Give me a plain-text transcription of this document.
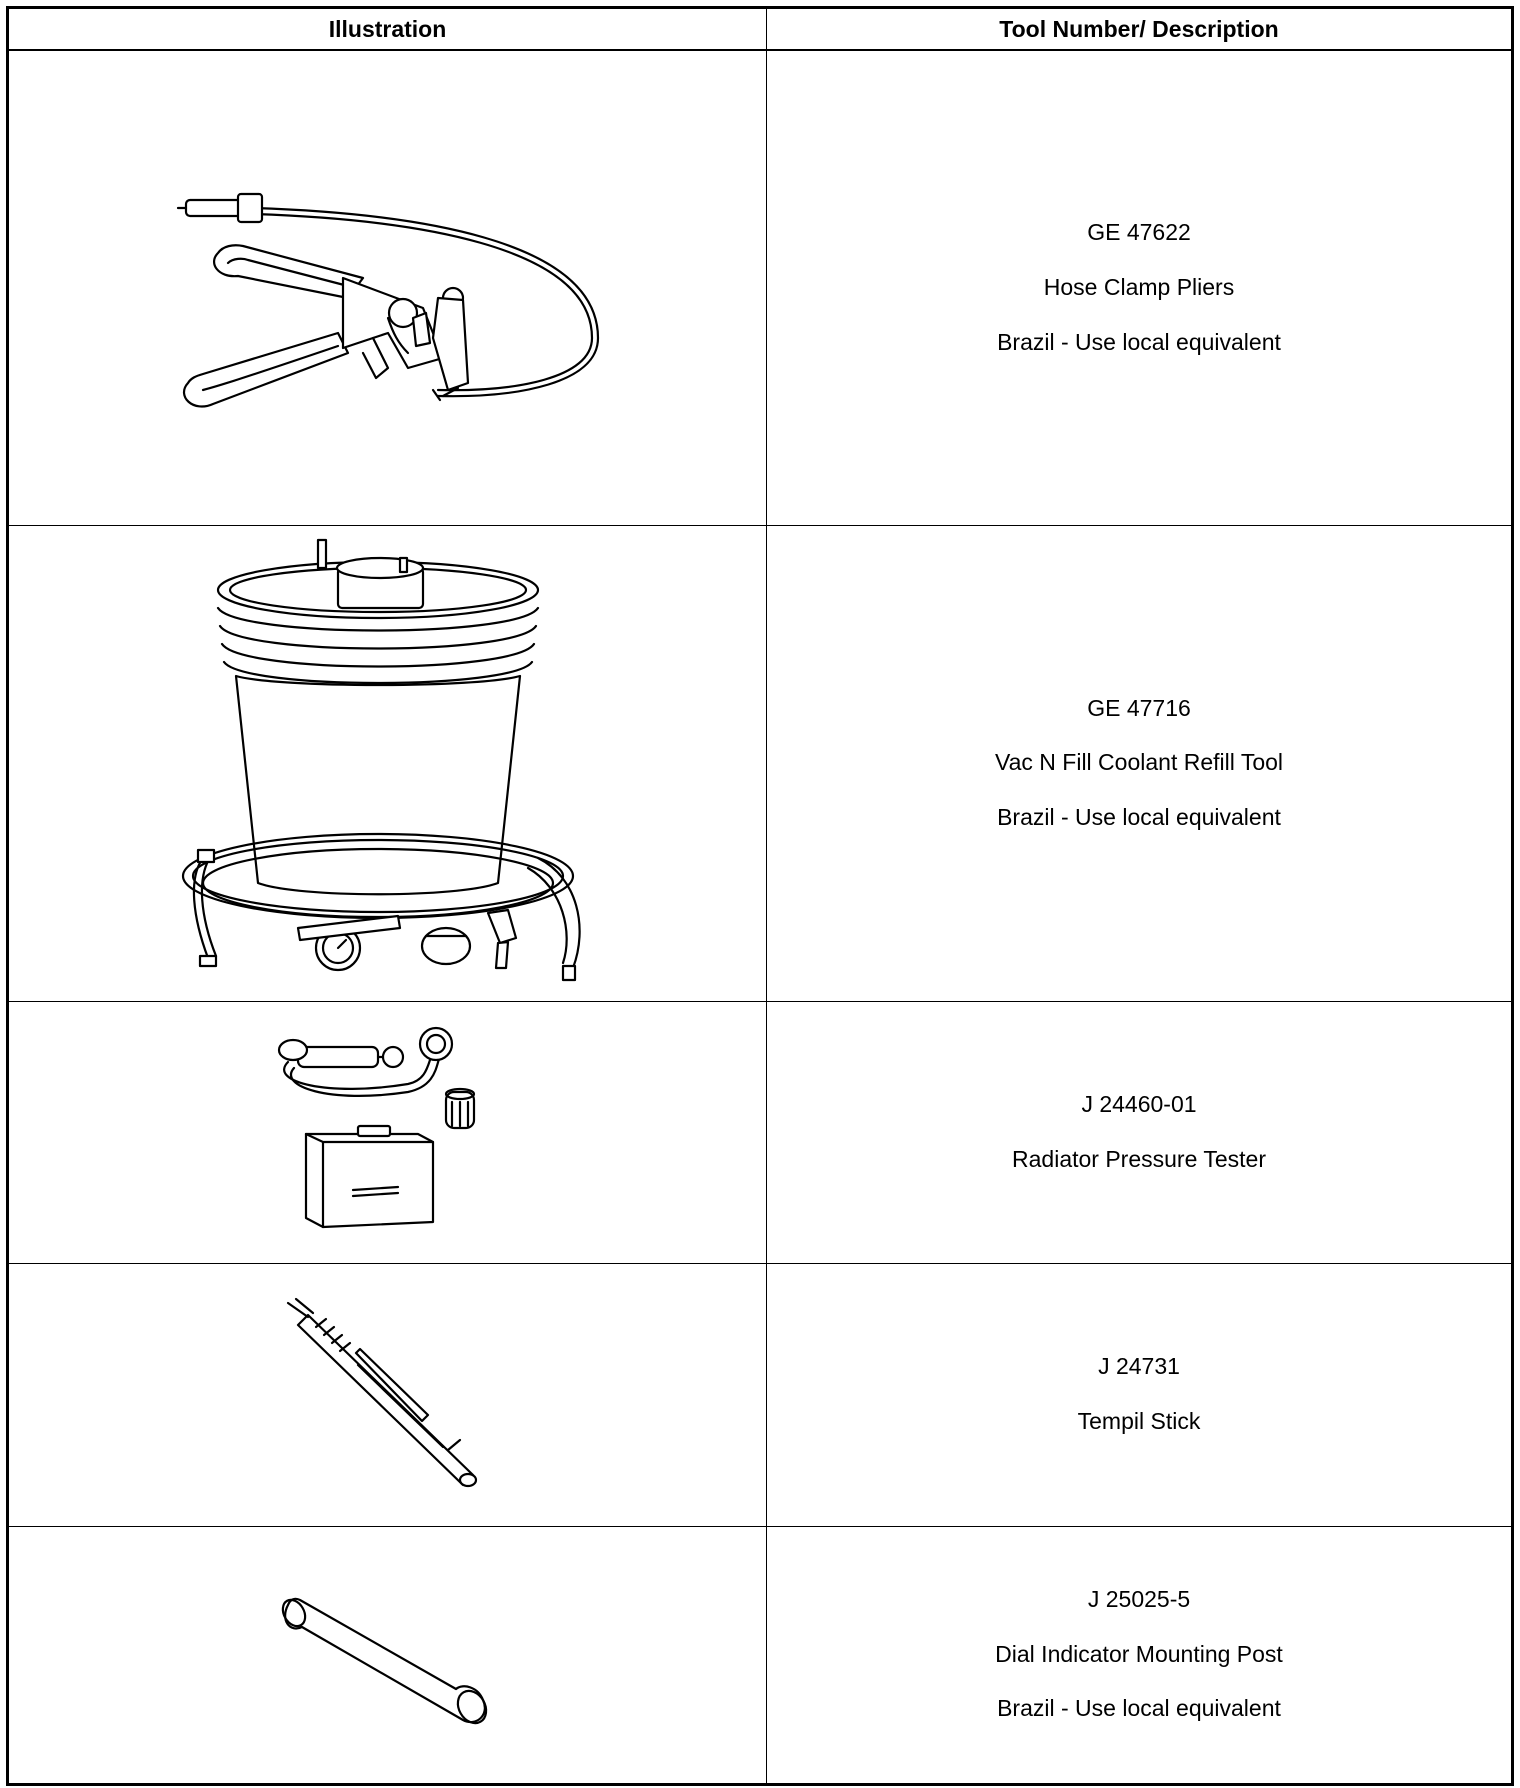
Illustration	Tool Number/ Description

GE 47622
Hose Clamp Pliers
Brazil - Use local equivalent

GE 47716
Vac N Fill Coolant Refill Tool
Brazil - Use local equivalent

J 24460-01
Radiator Pressure Tester

J 24731
Tempil Stick

J 25025-5
Dial Indicator Mounting Post
Brazil - Use local equivalent
